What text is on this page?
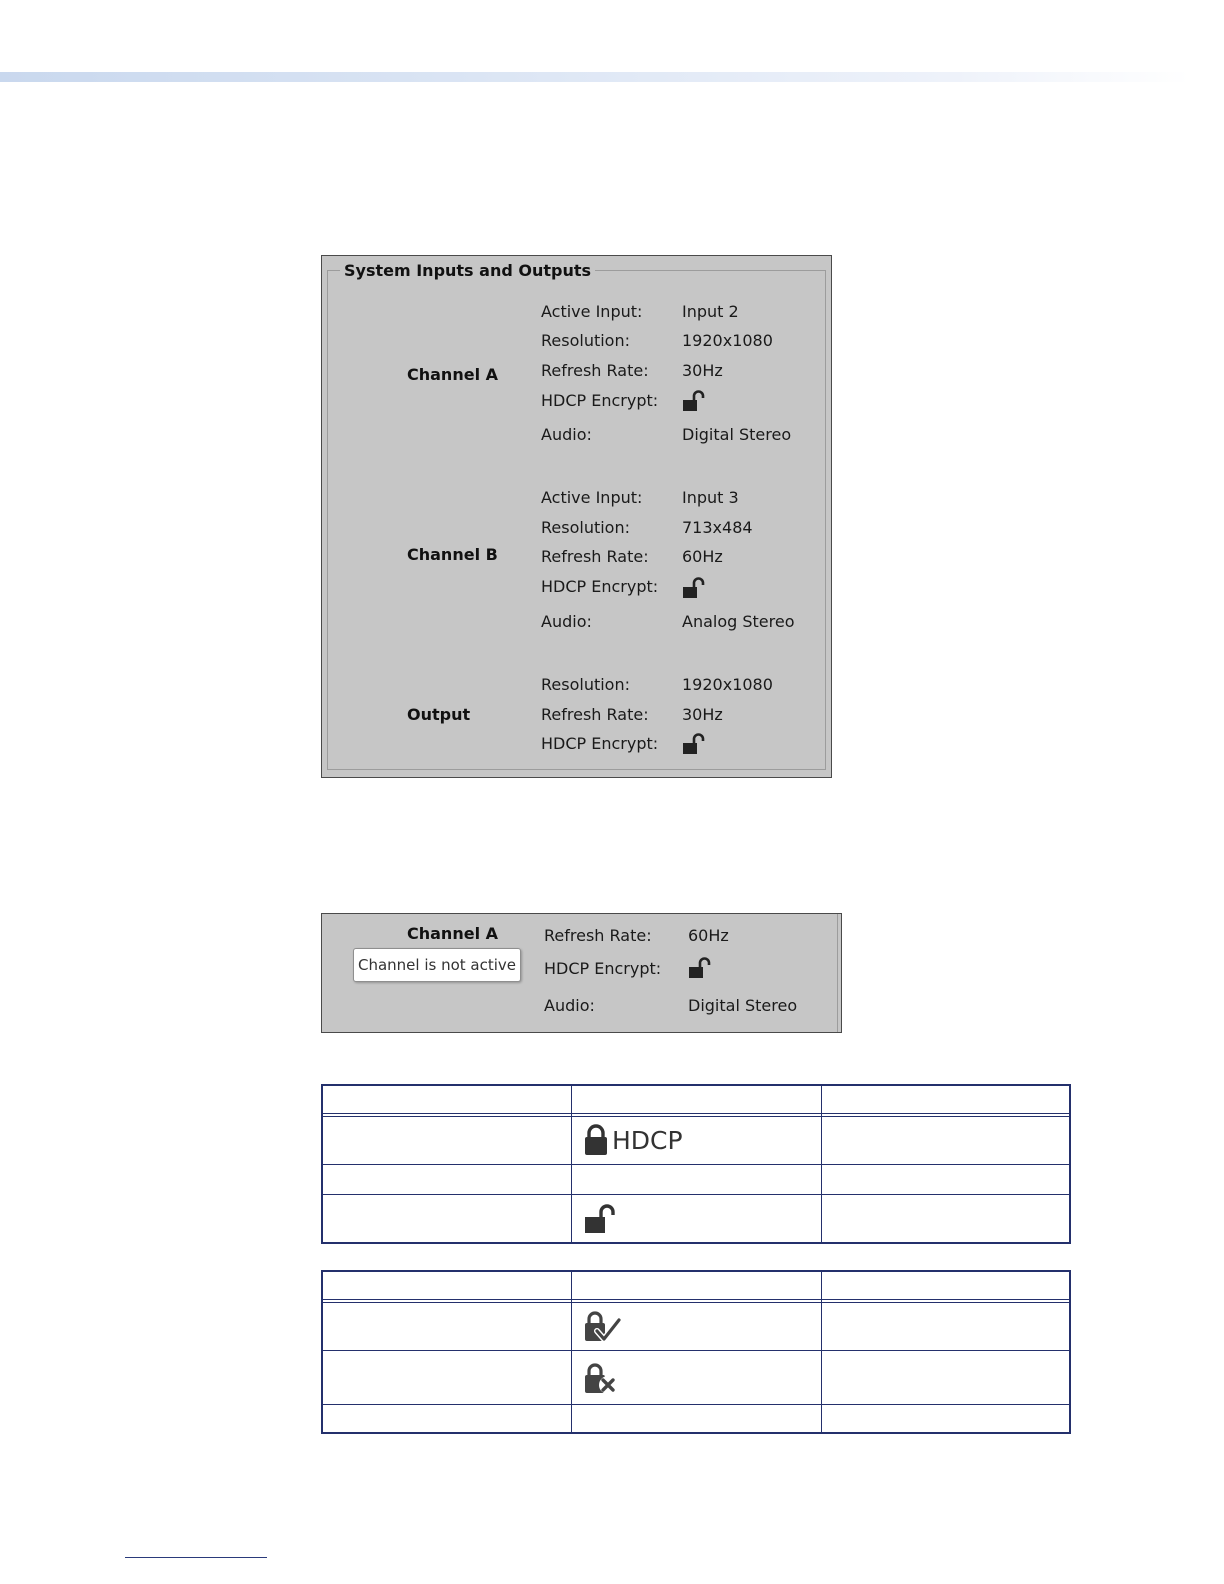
System Inputs and Outputs
Channel A
Active Input: Input 2
Resolution:	1920x1080
Refresh Rate: 30Hz
HDCP Encrypt:
Audio:	Digital Stereo
Channel B
Active Input: Input 3
Resolution:	713x484
Refresh Rate: 60Hz
HDCP Encrypt:
Audio:	Analog Stereo
Output
Resolution:	1920x1080
Refresh Rate: 30Hz
HDCP Encrypt:
Channel A
Channel is not active
Refresh Rate: 60Hz
HDCP Encrypt:
Audio:	Digital Stereo
HDCP
